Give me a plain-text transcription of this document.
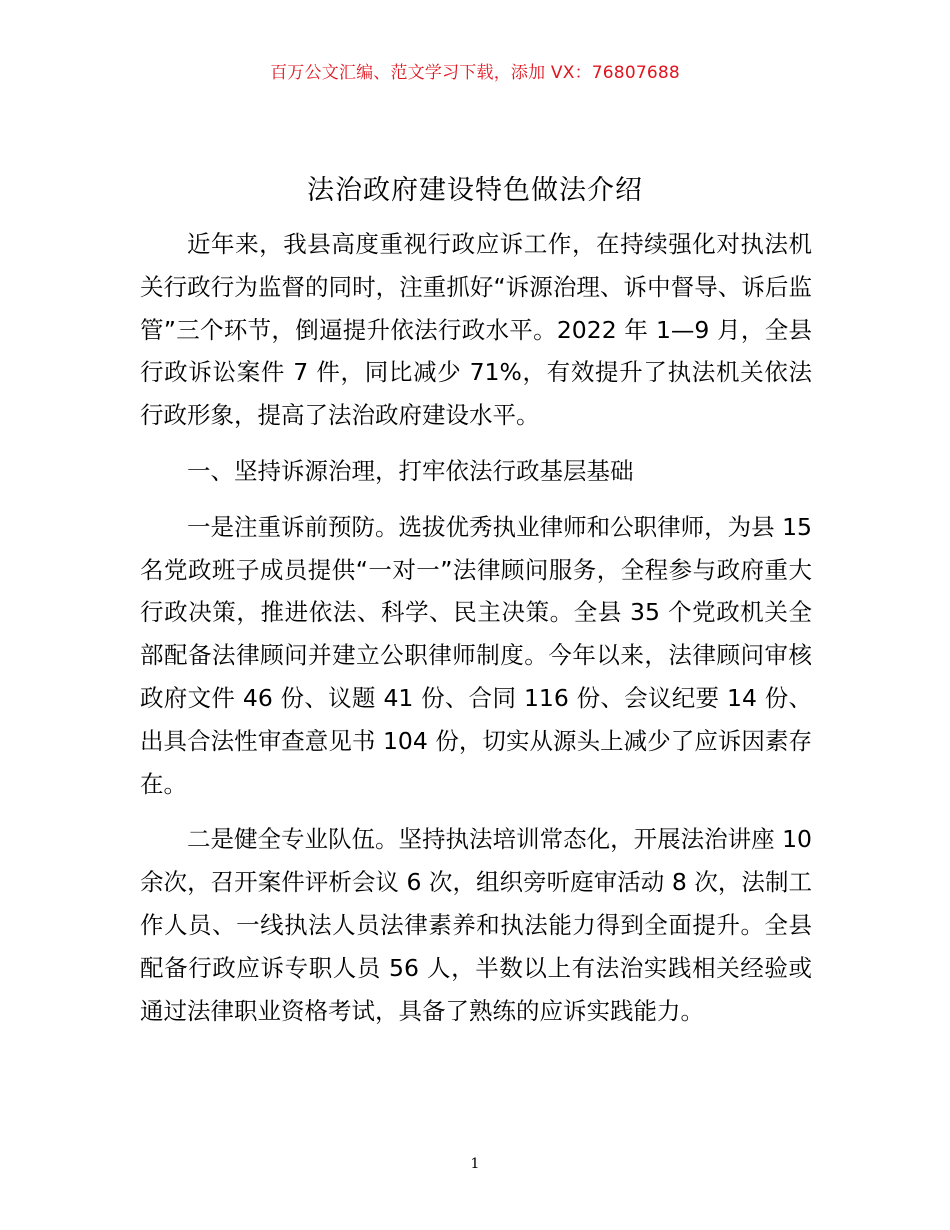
百万公文汇编、范文学习下载，添加 VX：76807688
法治政府建设特色做法介绍

近年来，我县高度重视行政应诉工作，在持续强化对执法机关行政行为监督的同时，注重抓好“诉源治理、诉中督导、诉后监管”三个环节，倒逼提升依法行政水平。2022 年 1—9 月，全县行政诉讼案件 7 件，同比减少 71%，有效提升了执法机关依法行政形象，提高了法治政府建设水平。

一、坚持诉源治理，打牢依法行政基层基础

一是注重诉前预防。选拔优秀执业律师和公职律师，为县 15 名党政班子成员提供“一对一”法律顾问服务，全程参与政府重大行政决策，推进依法、科学、民主决策。全县 35 个党政机关全部配备法律顾问并建立公职律师制度。今年以来，法律顾问审核政府文件 46 份、议题 41 份、合同 116 份、会议纪要 14 份、出具合法性审查意见书 104 份，切实从源头上减少了应诉因素存在。

二是健全专业队伍。坚持执法培训常态化，开展法治讲座 10 余次，召开案件评析会议 6 次，组织旁听庭审活动 8 次，法制工作人员、一线执法人员法律素养和执法能力得到全面提升。全县配备行政应诉专职人员 56 人，半数以上有法治实践相关经验或通过法律职业资格考试，具备了熟练的应诉实践能力。

1
